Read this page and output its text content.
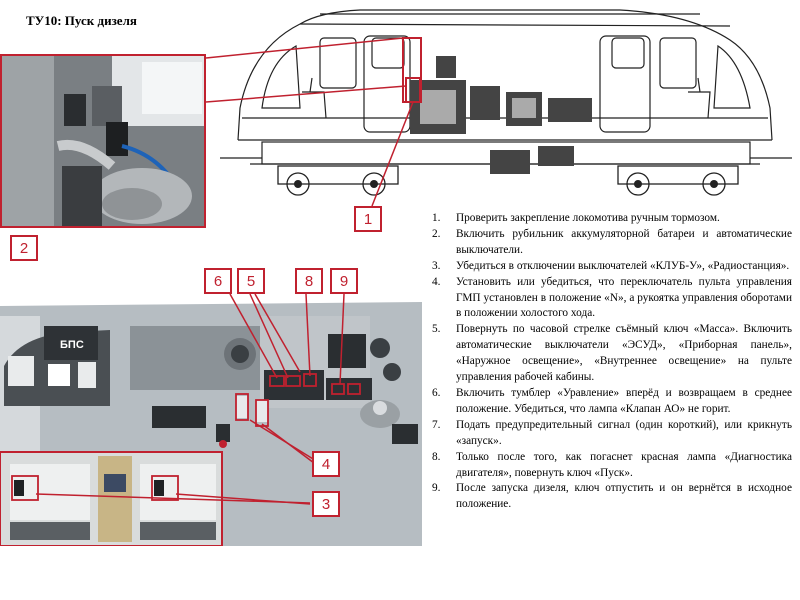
ТУ10: Пуск дизеля
БПС
1
2
6	5	8	9
4
3
1.	Проверить закрепление локомотива ручным тормозом.
2.	Включить рубильник аккумуляторной батареи и автоматические выключатели.
3.	Убедиться в отключении выключателей «КЛУБ-У», «Радиостанция».
4.	Установить или убедиться, что переключатель пульта управления ГМП установлен в положение «N», а рукоятка управления оборотами в положении холостого хода.
5.	Повернуть по часовой стрелке съёмный ключ «Масса». Включить автоматические выключатели «ЭСУД», «Приборная панель», «Наружное освещение», «Внутреннее освещение» на пульте управления рабочей кабины.
6.	Включить тумблер «Уравление» вперёд и возвращаем в среднее положение. Убедиться, что лампа «Клапан АО» не горит.
7.	Подать предупредительный сигнал (один короткий), или крикнуть «запуск».
8.	Только после того, как погаснет красная лампа «Диагностика двигателя», повернуть ключ «Пуск».
9.	После запуска дизеля, ключ отпустить и он вернётся в исходное положение.
